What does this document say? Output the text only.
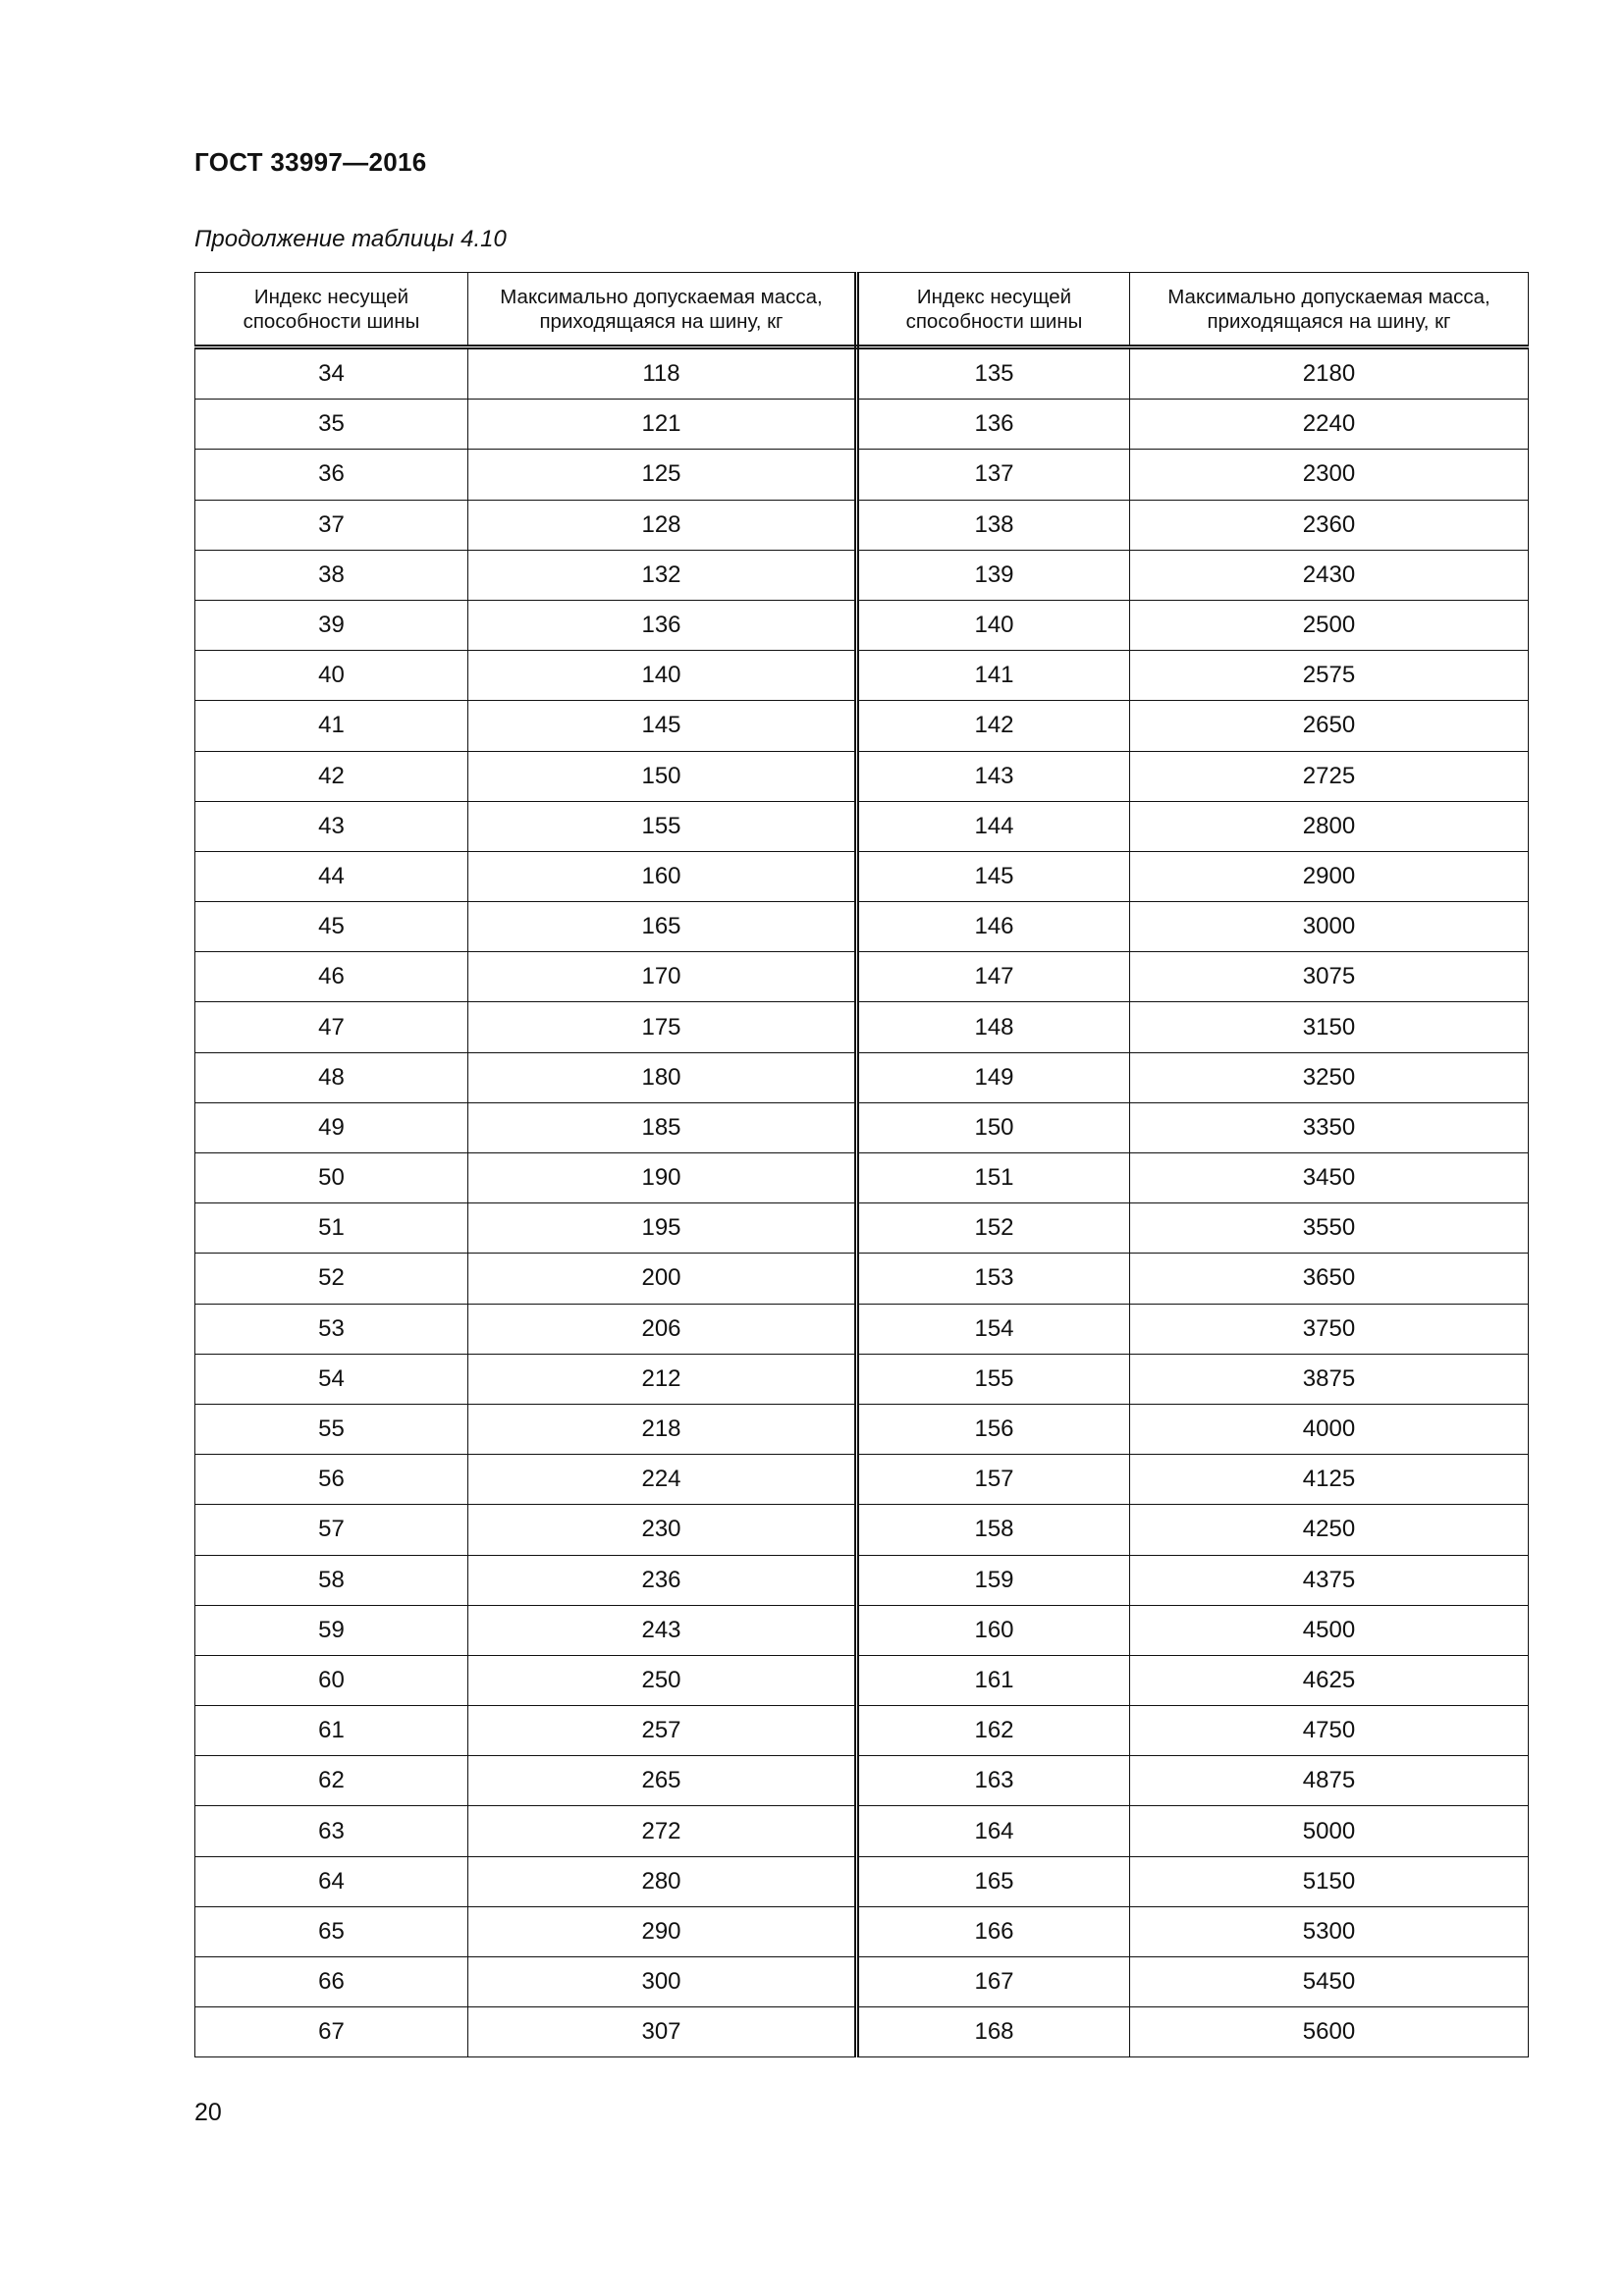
ГОСТ 33997—2016

Продолжение таблицы 4.10

Индекс несущей способности шины	Максимально допускаемая масса, приходящаяся на шину, кг	Индекс несущей способности шины	Максимально допускаемая масса, приходящаяся на шину, кг
34	118	135	2180
35	121	136	2240
36	125	137	2300
37	128	138	2360
38	132	139	2430
39	136	140	2500
40	140	141	2575
41	145	142	2650
42	150	143	2725
43	155	144	2800
44	160	145	2900
45	165	146	3000
46	170	147	3075
47	175	148	3150
48	180	149	3250
49	185	150	3350
50	190	151	3450
51	195	152	3550
52	200	153	3650
53	206	154	3750
54	212	155	3875
55	218	156	4000
56	224	157	4125
57	230	158	4250
58	236	159	4375
59	243	160	4500
60	250	161	4625
61	257	162	4750
62	265	163	4875
63	272	164	5000
64	280	165	5150
65	290	166	5300
66	300	167	5450
67	307	168	5600

20
